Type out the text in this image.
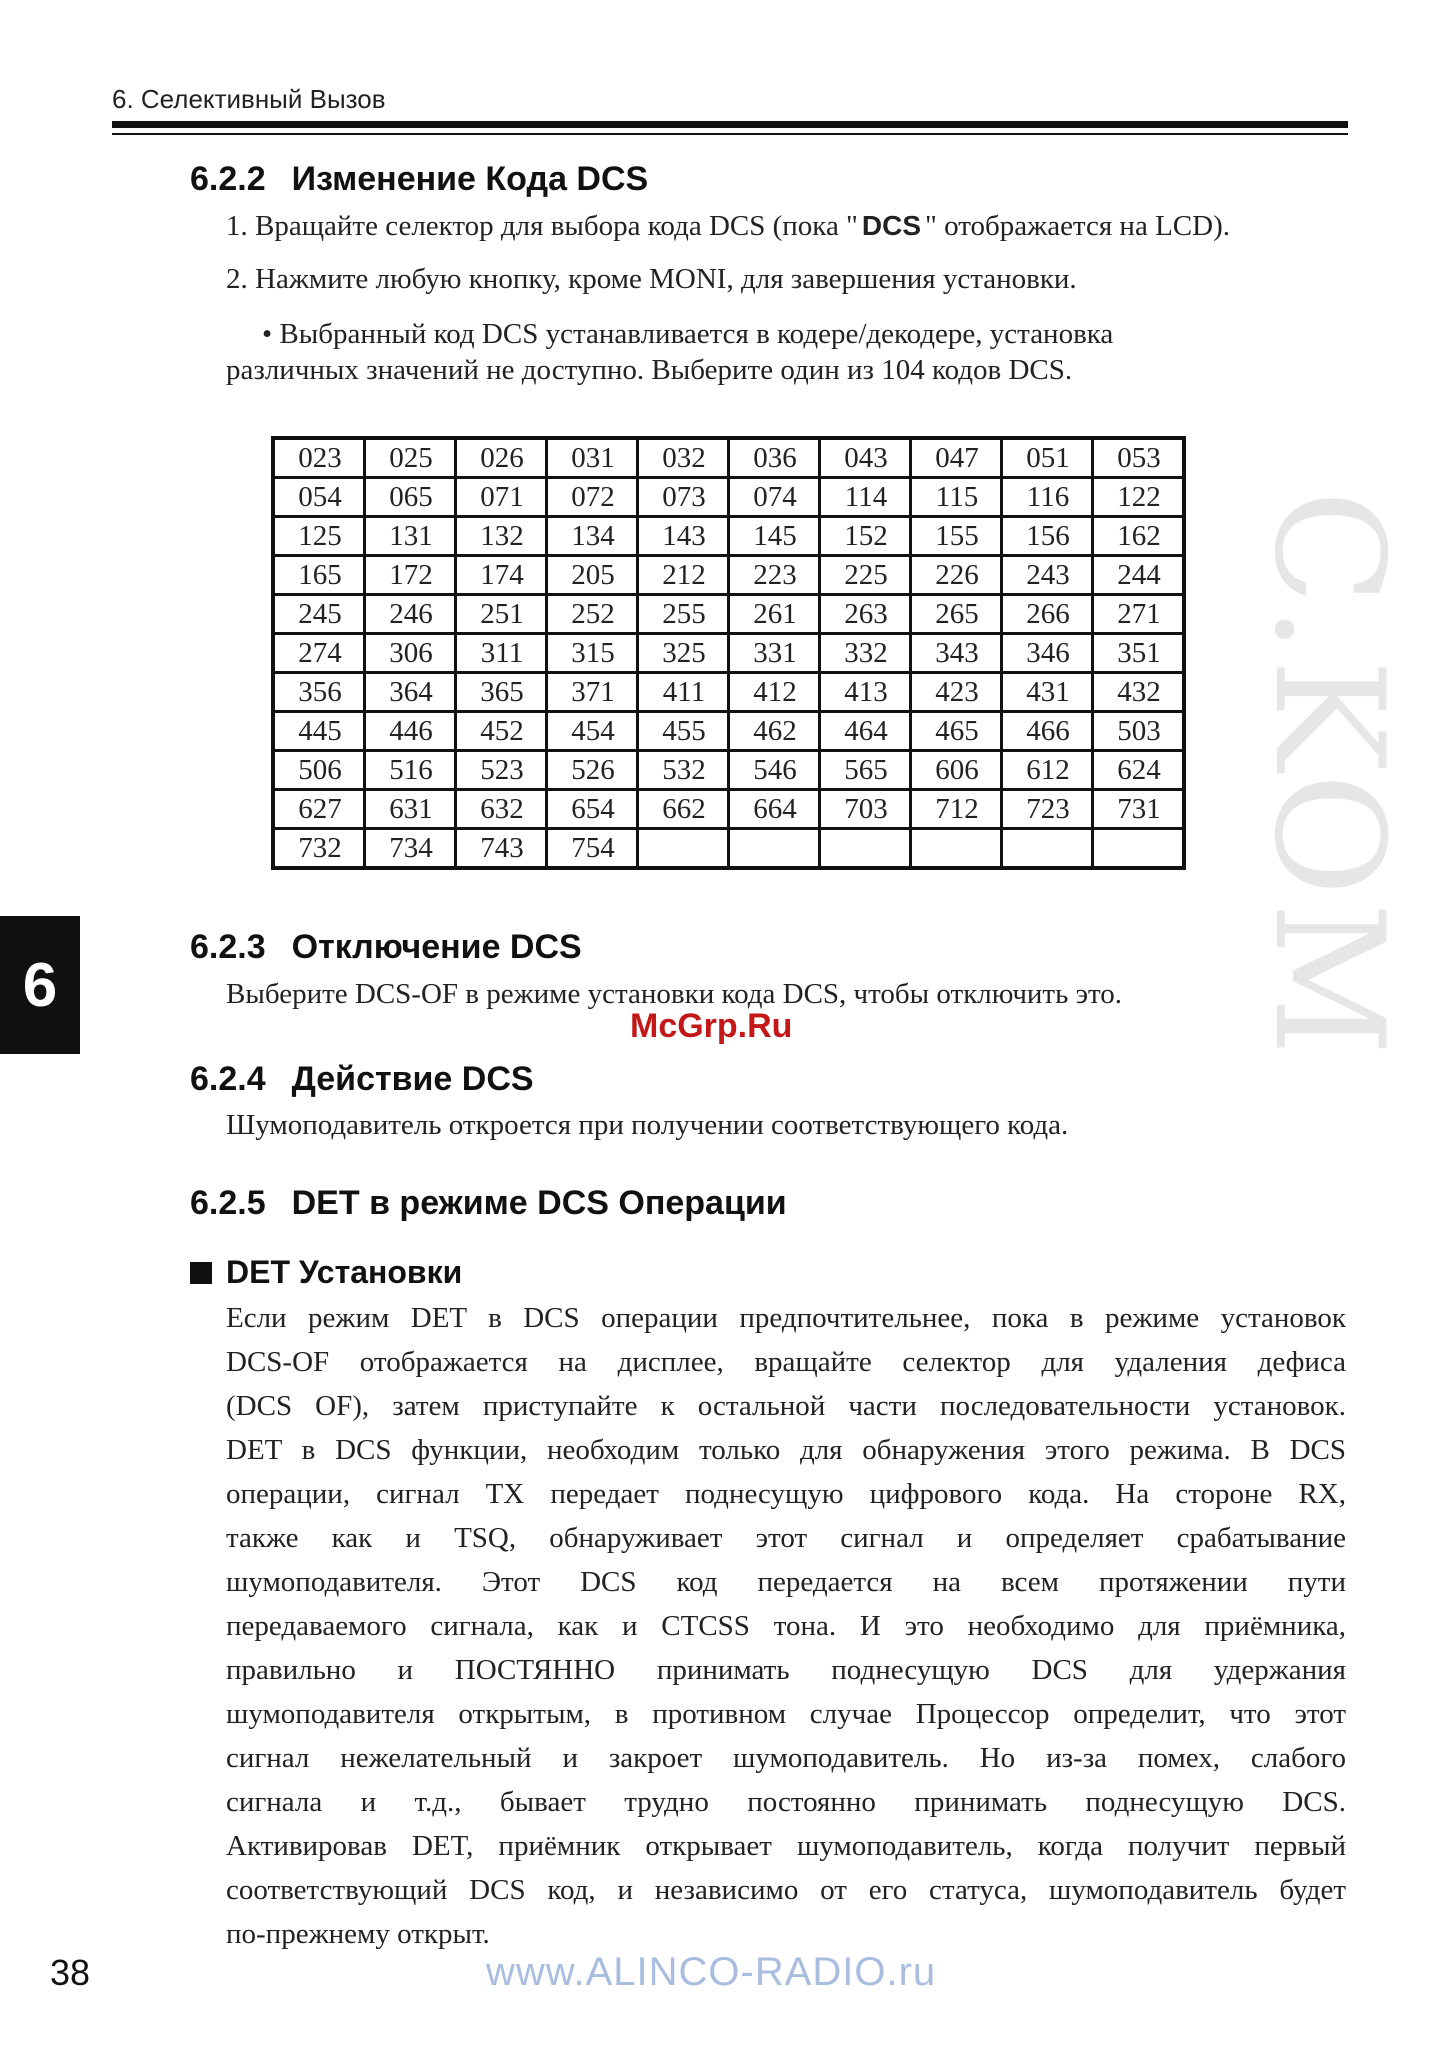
6. Селективный Вызов
C.KOM
6.2.2 Изменение Кода DCS
1. Вращайте селектор для выбора кода DCS (пока " DCS " отображается на LCD).
2. Нажмите любую кнопку, кроме MONI, для завершения установки.
• Выбранный код DCS устанавливается в кодере/декодере, установка
различных значений не доступно. Выберите один из 104 кодов DCS.
023	025	026	031	032	036	043	047	051	053
054	065	071	072	073	074	114	115	116	122
125	131	132	134	143	145	152	155	156	162
165	172	174	205	212	223	225	226	243	244
245	246	251	252	255	261	263	265	266	271
274	306	311	315	325	331	332	343	346	351
356	364	365	371	411	412	413	423	431	432
445	446	452	454	455	462	464	465	466	503
506	516	523	526	532	546	565	606	612	624
627	631	632	654	662	664	703	712	723	731
732	734	743	754						
6
6.2.3 Отключение DCS
Выберите DCS-OF в режиме установки кода DCS, чтобы отключить это.
McGrp.Ru
6.2.4 Действие DCS
Шумоподавитель откроется при получении соответствующего кода.
6.2.5 DET в режиме DCS Операции
DET Установки
Если режим DET в DCS операции предпочтительнее, пока в режиме установок
DCS-OF отображается на дисплее, вращайте селектор для удаления дефиса
(DCS OF), затем приступайте к остальной части последовательности установок.
DET в DCS функции, необходим только для обнаружения этого режима. В DCS
операции, сигнал TX передает поднесущую цифрового кода. На стороне RX,
также как и TSQ, обнаруживает этот сигнал и определяет срабатывание
шумоподавителя. Этот DCS код передается на всем протяжении пути
передаваемого сигнала, как и CTCSS тона. И это необходимо для приёмника,
правильно и ПОСТЯННО принимать поднесущую DCS для удержания
шумоподавителя открытым, в противном случае Процессор определит, что этот
сигнал нежелательный и закроет шумоподавитель. Но из-за помех, слабого
сигнала и т.д., бывает трудно постоянно принимать поднесущую DCS.
Активировав DET, приёмник открывает шумоподавитель, когда получит первый
соответствующий DCS код, и независимо от его статуса, шумоподавитель будет
по-прежнему открыт.
38	www.ALINCO-RADIO.ru
